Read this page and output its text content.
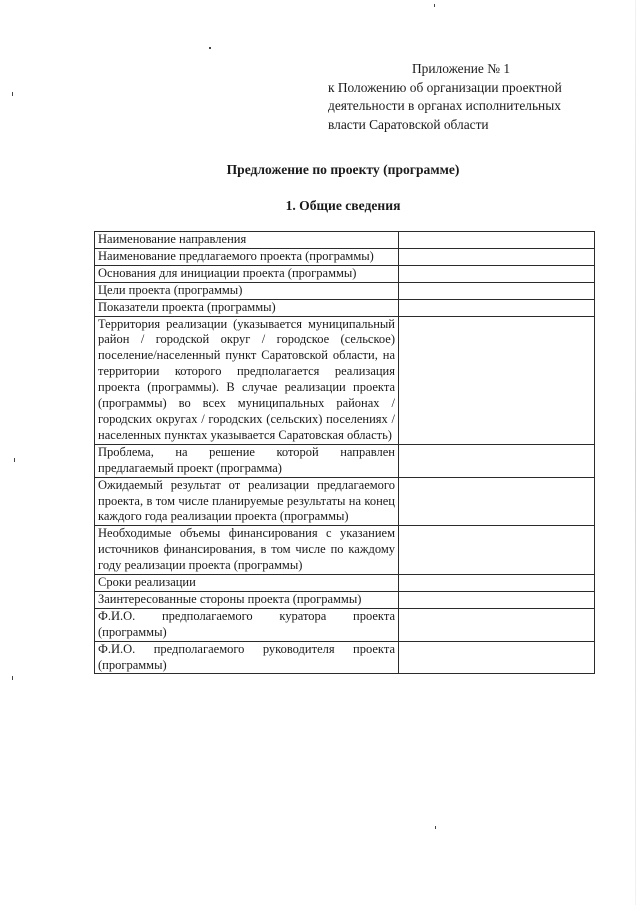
Приложение № 1
к Положению об организации проектной
деятельности в органах исполнительных
власти Саратовской области
Предложение по проекту (программе)
1. Общие сведения
Наименование направления	
Наименование предлагаемого проекта (программы)	
Основания для инициации проекта (программы)	
Цели проекта (программы)	
Показатели проекта (программы)	
Территория реализации (указывается муниципальный район / городской округ / городское (сельское) поселение/населенный пункт Саратовской области, на территории которого предполагается реализация проекта (программы). В случае реализации проекта (программы) во всех муниципальных районах / городских округах / городских (сельских) поселениях / населенных пунктах указывается Саратовская область)	
Проблема, на решение которой направлен предлагаемый проект (программа)	
Ожидаемый результат от реализации предлагаемого проекта, в том числе планируемые результаты на конец каждого года реализации проекта (программы)	
Необходимые объемы финансирования с указанием источников финансирования, в том числе по каждому году реализации проекта (программы)	
Сроки реализации	
Заинтересованные стороны проекта (программы)	
Ф.И.О. предполагаемого куратора проекта (программы)	
Ф.И.О. предполагаемого руководителя проекта (программы)	
